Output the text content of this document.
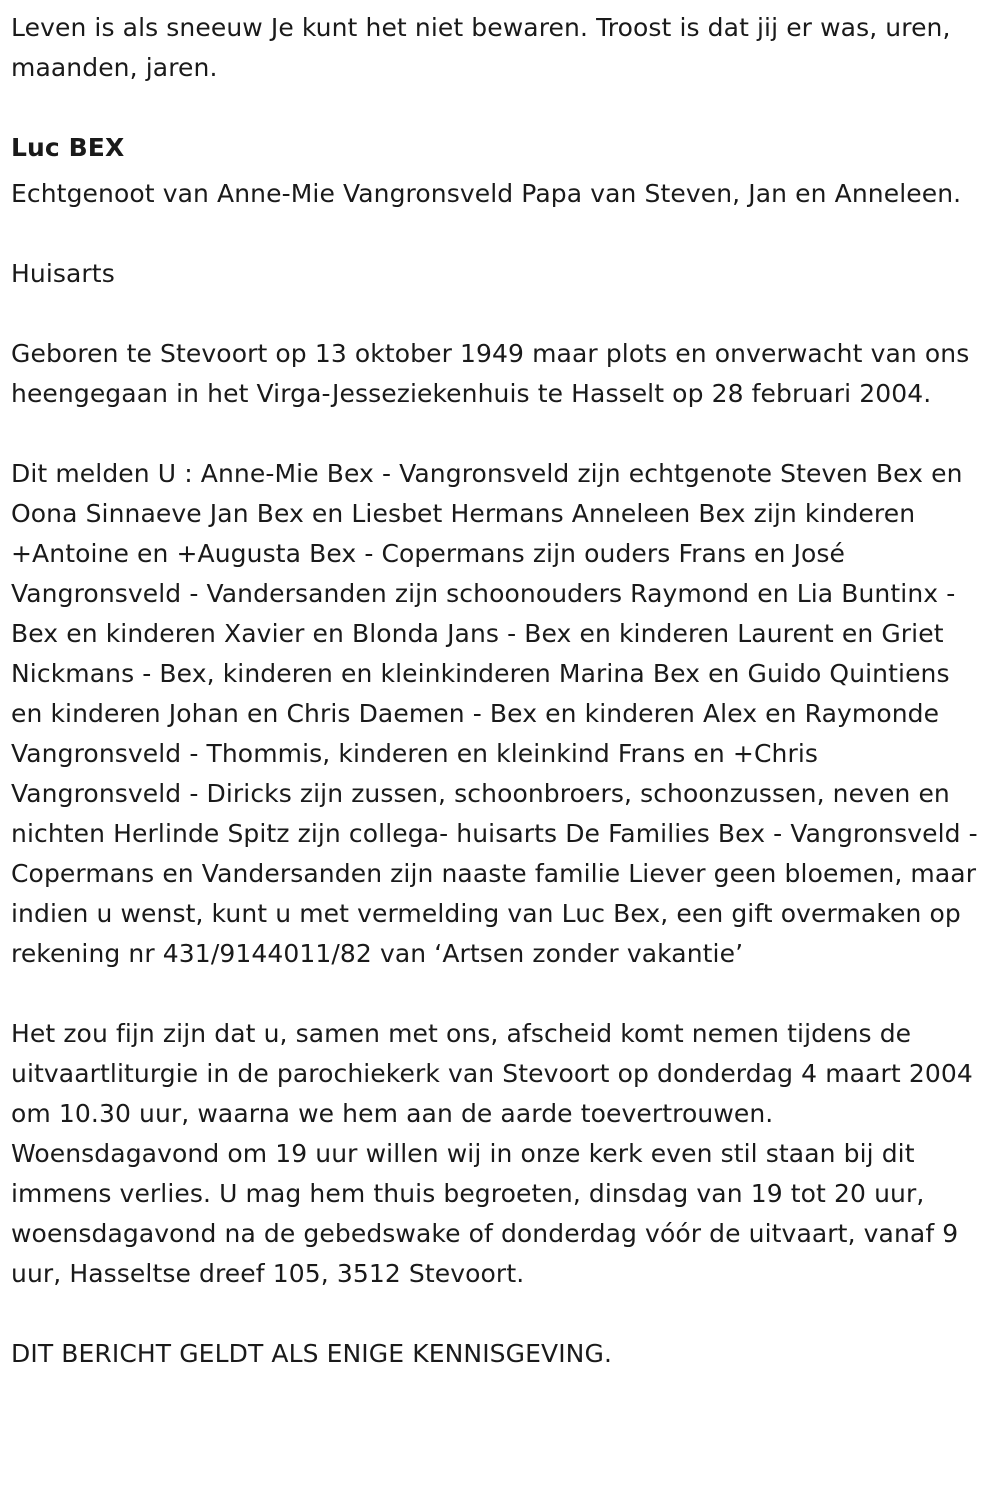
Leven is als sneeuw Je kunt het niet bewaren. Troost is dat jij er was, uren, maanden, jaren.

Luc BEX

Echtgenoot van Anne-Mie Vangronsveld Papa van Steven, Jan en Anneleen.

Huisarts

Geboren te Stevoort op 13 oktober 1949 maar plots en onverwacht van ons heengegaan in het Virga-Jesseziekenhuis te Hasselt op 28 februari 2004.

Dit melden U : Anne-Mie Bex - Vangronsveld zijn echtgenote Steven Bex en Oona Sinnaeve Jan Bex en Liesbet Hermans Anneleen Bex zijn kinderen +Antoine en +Augusta Bex - Copermans zijn ouders Frans en José Vangronsveld - Vandersanden zijn schoonouders Raymond en Lia Buntinx - Bex en kinderen Xavier en Blonda Jans - Bex en kinderen Laurent en Griet Nickmans - Bex, kinderen en kleinkinderen Marina Bex en Guido Quintiens en kinderen Johan en Chris Daemen - Bex en kinderen Alex en Raymonde Vangronsveld - Thommis, kinderen en kleinkind Frans en +Chris Vangronsveld - Diricks zijn zussen, schoonbroers, schoonzussen, neven en nichten Herlinde Spitz zijn collega- huisarts De Families Bex - Vangronsveld - Copermans en Vandersanden zijn naaste familie Liever geen bloemen, maar indien u wenst, kunt u met vermelding van Luc Bex, een gift overmaken op rekening nr 431/9144011/82 van ‘Artsen zonder vakantie’

Het zou fijn zijn dat u, samen met ons, afscheid komt nemen tijdens de uitvaartliturgie in de parochiekerk van Stevoort op donderdag 4 maart 2004 om 10.30 uur, waarna we hem aan de aarde toevertrouwen. Woensdagavond om 19 uur willen wij in onze kerk even stil staan bij dit immens verlies. U mag hem thuis begroeten, dinsdag van 19 tot 20 uur, woensdagavond na de gebedswake of donderdag vóór de uitvaart, vanaf 9 uur, Hasseltse dreef 105, 3512 Stevoort.

DIT BERICHT GELDT ALS ENIGE KENNISGEVING.
